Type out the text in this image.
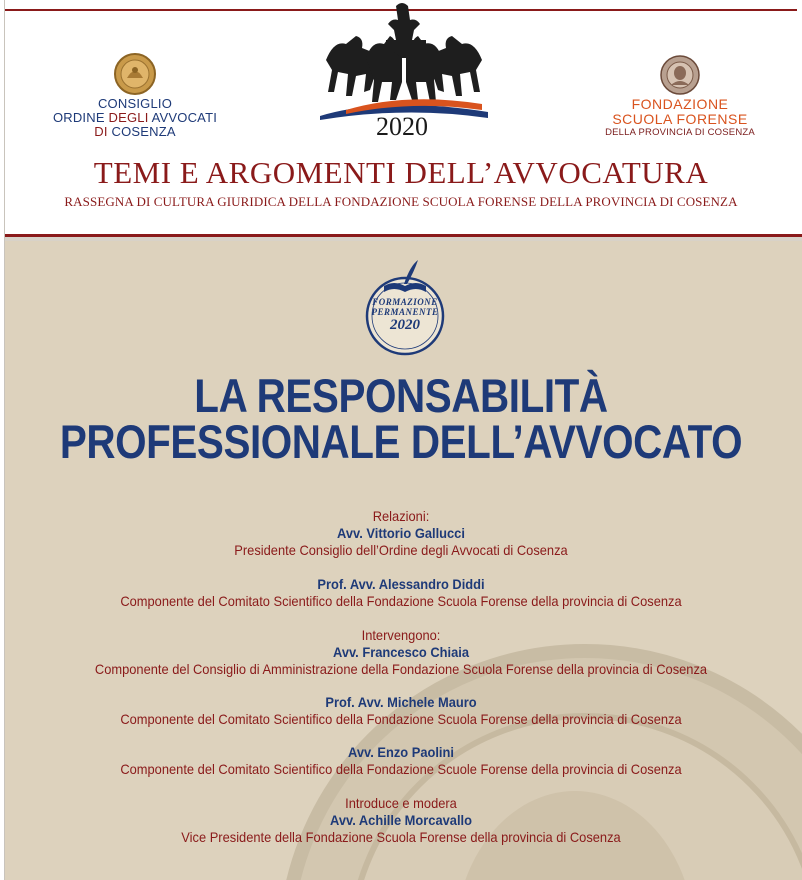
CONSIGLIO
ORDINE DEGLI AVVOCATI
DI COSENZA	2020
FONDAZIONE
SCUOLA FORENSE
DELLA PROVINCIA DI COSENZA
TEMI E ARGOMENTI DELL’AVVOCATURA
RASSEGNA DI CULTURA GIURIDICA DELLA FONDAZIONE SCUOLA FORENSE DELLA PROVINCIA DI COSENZA
FORMAZIONE
PERMANENTE
2020
LA RESPONSABILITÀ
PROFESSIONALE DELL’AVVOCATO
Relazioni:
Avv. Vittorio Gallucci
Presidente Consiglio dell’Ordine degli Avvocati di Cosenza
Prof. Avv. Alessandro Diddi
Componente del Comitato Scientifico della Fondazione Scuola Forense della provincia di Cosenza
Intervengono:
Avv. Francesco Chiaia
Componente del Consiglio di Amministrazione della Fondazione Scuola Forense della provincia di Cosenza
Prof. Avv. Michele Mauro
Componente del Comitato Scientifico della Fondazione Scuola Forense della provincia di Cosenza
Avv. Enzo Paolini
Componente del Comitato Scientifico della Fondazione Scuole Forense della provincia di Cosenza
Introduce e modera
Avv. Achille Morcavallo
Vice Presidente della Fondazione Scuola Forense della provincia di Cosenza
